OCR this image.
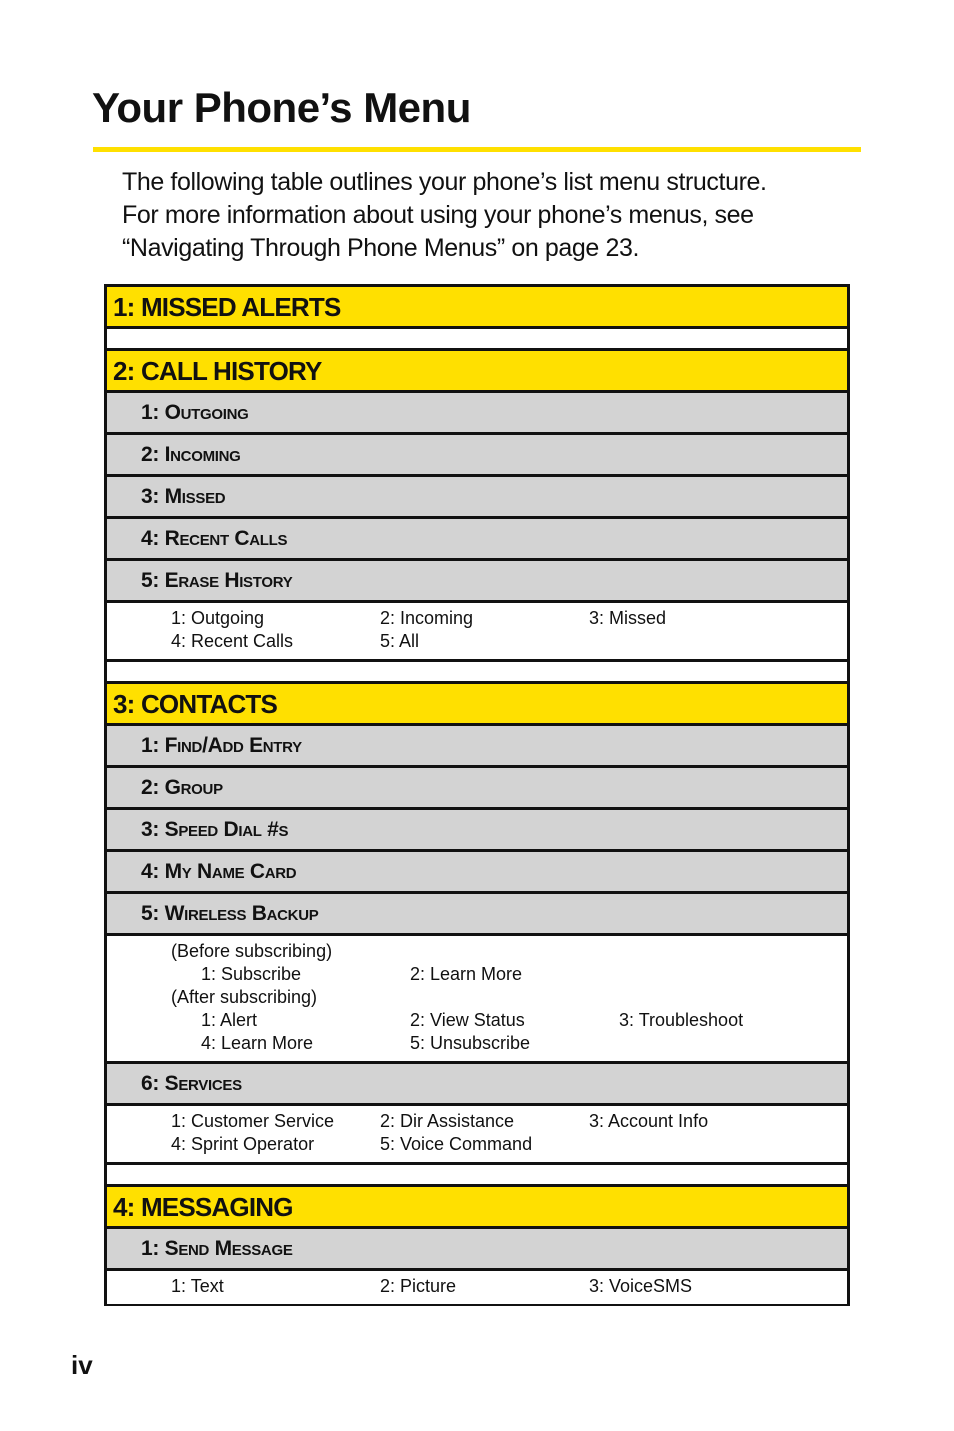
Your Phone’s Menu

The following table outlines your phone’s list menu structure.
For more information about using your phone’s menus, see
“Navigating Through Phone Menus” on page 23.

1: MISSED ALERTS
2: CALL HISTORY
1: Outgoing
2: Incoming
3: Missed
4: Recent Calls
5: Erase History
1: Outgoing	2: Incoming	3: Missed
4: Recent Calls	5: All
3: CONTACTS
1: Find/Add Entry
2: Group
3: Speed Dial #s
4: My Name Card
5: Wireless Backup
(Before subscribing)
1: Subscribe	2: Learn More
(After subscribing)
1: Alert	2: View Status	3: Troubleshoot
4: Learn More	5: Unsubscribe
6: Services
1: Customer Service	2: Dir Assistance	3: Account Info
4: Sprint Operator	5: Voice Command
4: MESSAGING
1: Send Message
1: Text	2: Picture	3: VoiceSMS
iv
